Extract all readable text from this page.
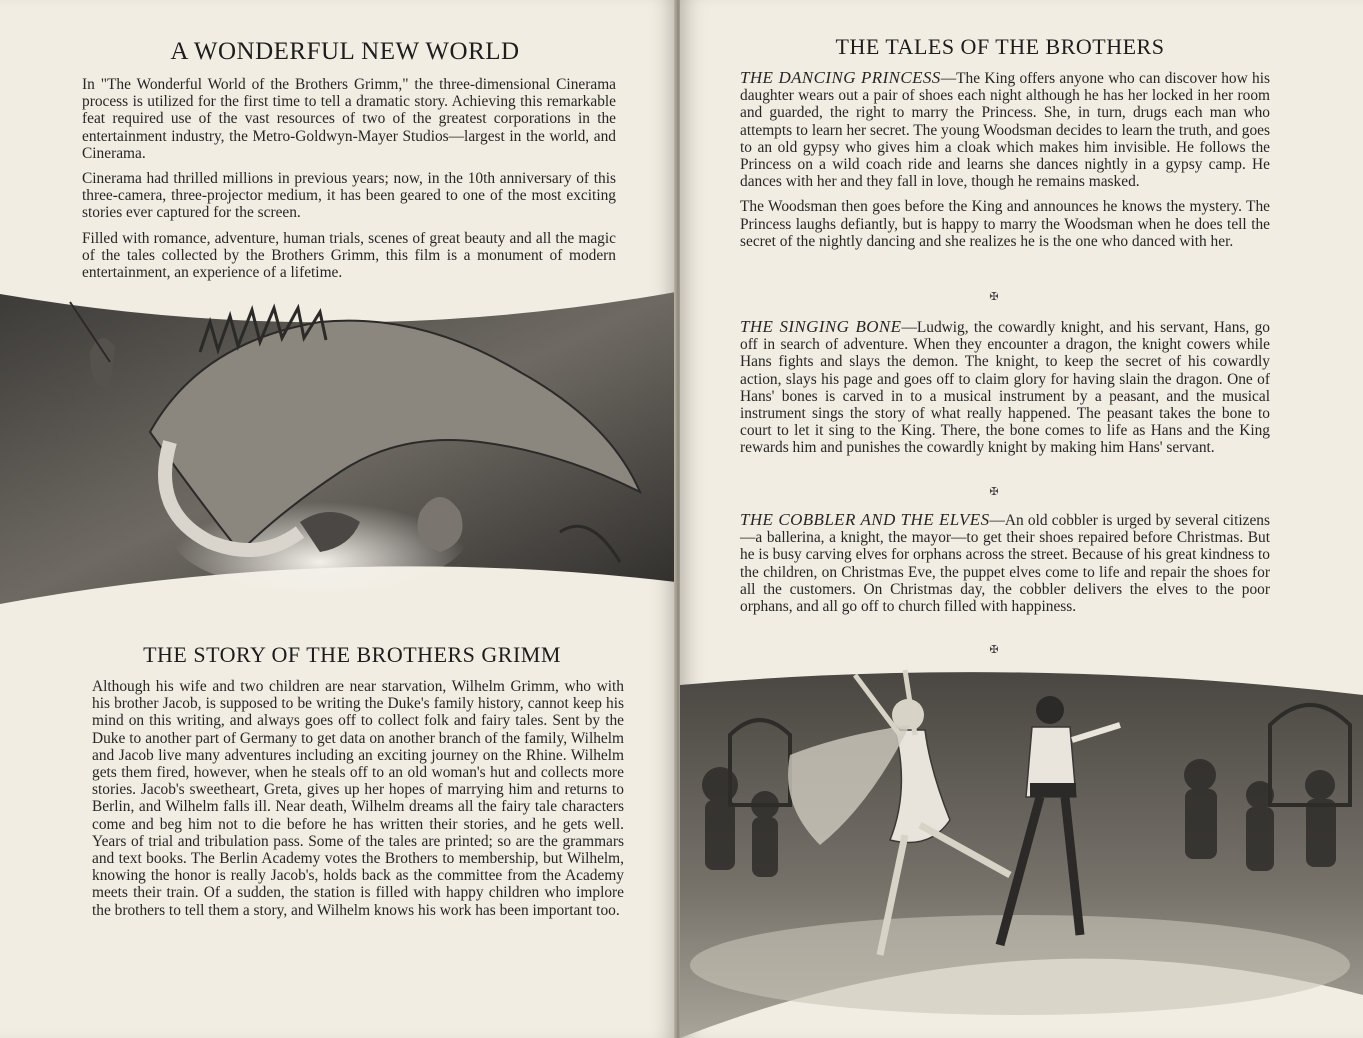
A WONDERFUL NEW WORLD

In "The Wonderful World of the Brothers Grimm," the three-dimensional Cinerama process is utilized for the first time to tell a dramatic story. Achieving this remarkable feat required use of the vast resources of two of the greatest corporations in the entertainment industry, the Metro-Goldwyn-Mayer Studios—largest in the world, and Cinerama.

Cinerama had thrilled millions in previous years; now, in the 10th anniversary of this three-camera, three-projector medium, it has been geared to one of the most exciting stories ever captured for the screen.

Filled with romance, adventure, human trials, scenes of great beauty and all the magic of the tales collected by the Brothers Grimm, this film is a monument of modern entertainment, an experience of a lifetime.

THE STORY OF THE BROTHERS GRIMM

Although his wife and two children are near starvation, Wilhelm Grimm, who with his brother Jacob, is supposed to be writing the Duke's family history, cannot keep his mind on this writing, and always goes off to collect folk and fairy tales. Sent by the Duke to another part of Germany to get data on another branch of the family, Wilhelm and Jacob live many adventures including an exciting journey on the Rhine. Wilhelm gets them fired, however, when he steals off to an old woman's hut and collects more stories. Jacob's sweetheart, Greta, gives up her hopes of marrying him and returns to Berlin, and Wilhelm falls ill. Near death, Wilhelm dreams all the fairy tale characters come and beg him not to die before he has written their stories, and he gets well. Years of trial and tribulation pass. Some of the tales are printed; so are the grammars and text books. The Berlin Academy votes the Brothers to membership, but Wilhelm, knowing the honor is really Jacob's, holds back as the committee from the Academy meets their train. Of a sudden, the station is filled with happy children who implore the brothers to tell them a story, and Wilhelm knows his work has been important too.

THE TALES OF THE BROTHERS

THE DANCING PRINCESS—The King offers anyone who can discover how his daughter wears out a pair of shoes each night although he has her locked in her room and guarded, the right to marry the Princess. She, in turn, drugs each man who attempts to learn her secret. The young Woodsman decides to learn the truth, and goes to an old gypsy who gives him a cloak which makes him invisible. He follows the Princess on a wild coach ride and learns she dances nightly in a gypsy camp. He dances with her and they fall in love, though he remains masked.

The Woodsman then goes before the King and announces he knows the mystery. The Princess laughs defiantly, but is happy to marry the Woodsman when he does tell the secret of the nightly dancing and she realizes he is the one who danced with her.

✠

THE SINGING BONE—Ludwig, the cowardly knight, and his servant, Hans, go off in search of adventure. When they encounter a dragon, the knight cowers while Hans fights and slays the demon. The knight, to keep the secret of his cowardly action, slays his page and goes off to claim glory for having slain the dragon. One of Hans' bones is carved in to a musical instrument by a peasant, and the musical instrument sings the story of what really happened. The peasant takes the bone to court to let it sing to the King. There, the bone comes to life as Hans and the King rewards him and punishes the cowardly knight by making him Hans' servant.

✠

THE COBBLER AND THE ELVES—An old cobbler is urged by several citizens—a ballerina, a knight, the mayor—to get their shoes repaired before Christmas. But he is busy carving elves for orphans across the street. Because of his great kindness to the children, on Christmas Eve, the puppet elves come to life and repair the shoes for all the customers. On Christmas day, the cobbler delivers the elves to the poor orphans, and all go off to church filled with happiness.

✠
